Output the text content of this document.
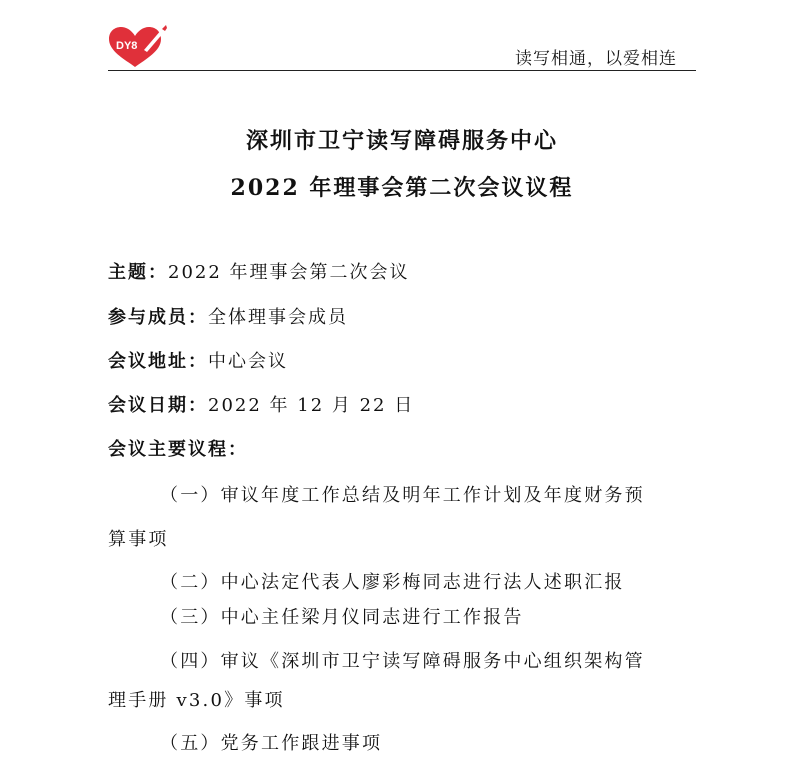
DY8
读写相通，以爱相连
深圳市卫宁读写障碍服务中心
2022 年理事会第二次会议议程
主题：2022 年理事会第二次会议
参与成员：全体理事会成员
会议地址：中心会议
会议日期：2022 年 12 月 22 日
会议主要议程：
（一）审议年度工作总结及明年工作计划及年度财务预
算事项
（二）中心法定代表人廖彩梅同志进行法人述职汇报
（三）中心主任梁月仪同志进行工作报告
（四）审议《深圳市卫宁读写障碍服务中心组织架构管
理手册 v3.0》事项
（五）党务工作跟进事项
